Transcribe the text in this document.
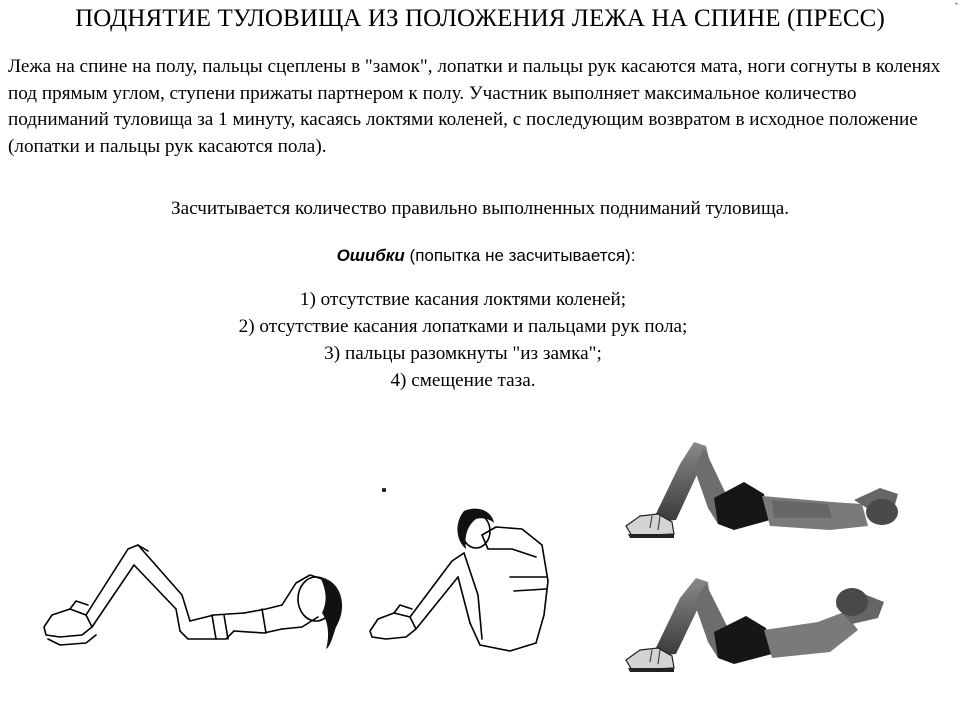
-
ПОДНЯТИЕ ТУЛОВИЩА ИЗ ПОЛОЖЕНИЯ ЛЕЖА НА СПИНЕ (ПРЕСС)

Лежа на спине на полу, пальцы сцеплены в "замок", лопатки и пальцы рук касаются мата, ноги согнуты в коленях под прямым углом, ступени прижаты партнером к полу. Участник выполняет максимальное количество подниманий туловища за 1 минуту, касаясь локтями коленей, с последующим возвратом в исходное положение (лопатки и пальцы рук касаются пола).

Засчитывается количество правильно выполненных подниманий туловища.

Ошибки (попытка не засчитывается):

1) отсутствие касания локтями коленей;
2) отсутствие касания лопатками и пальцами рук пола;
3) пальцы разомкнуты "из замка";
4) смещение таза.
